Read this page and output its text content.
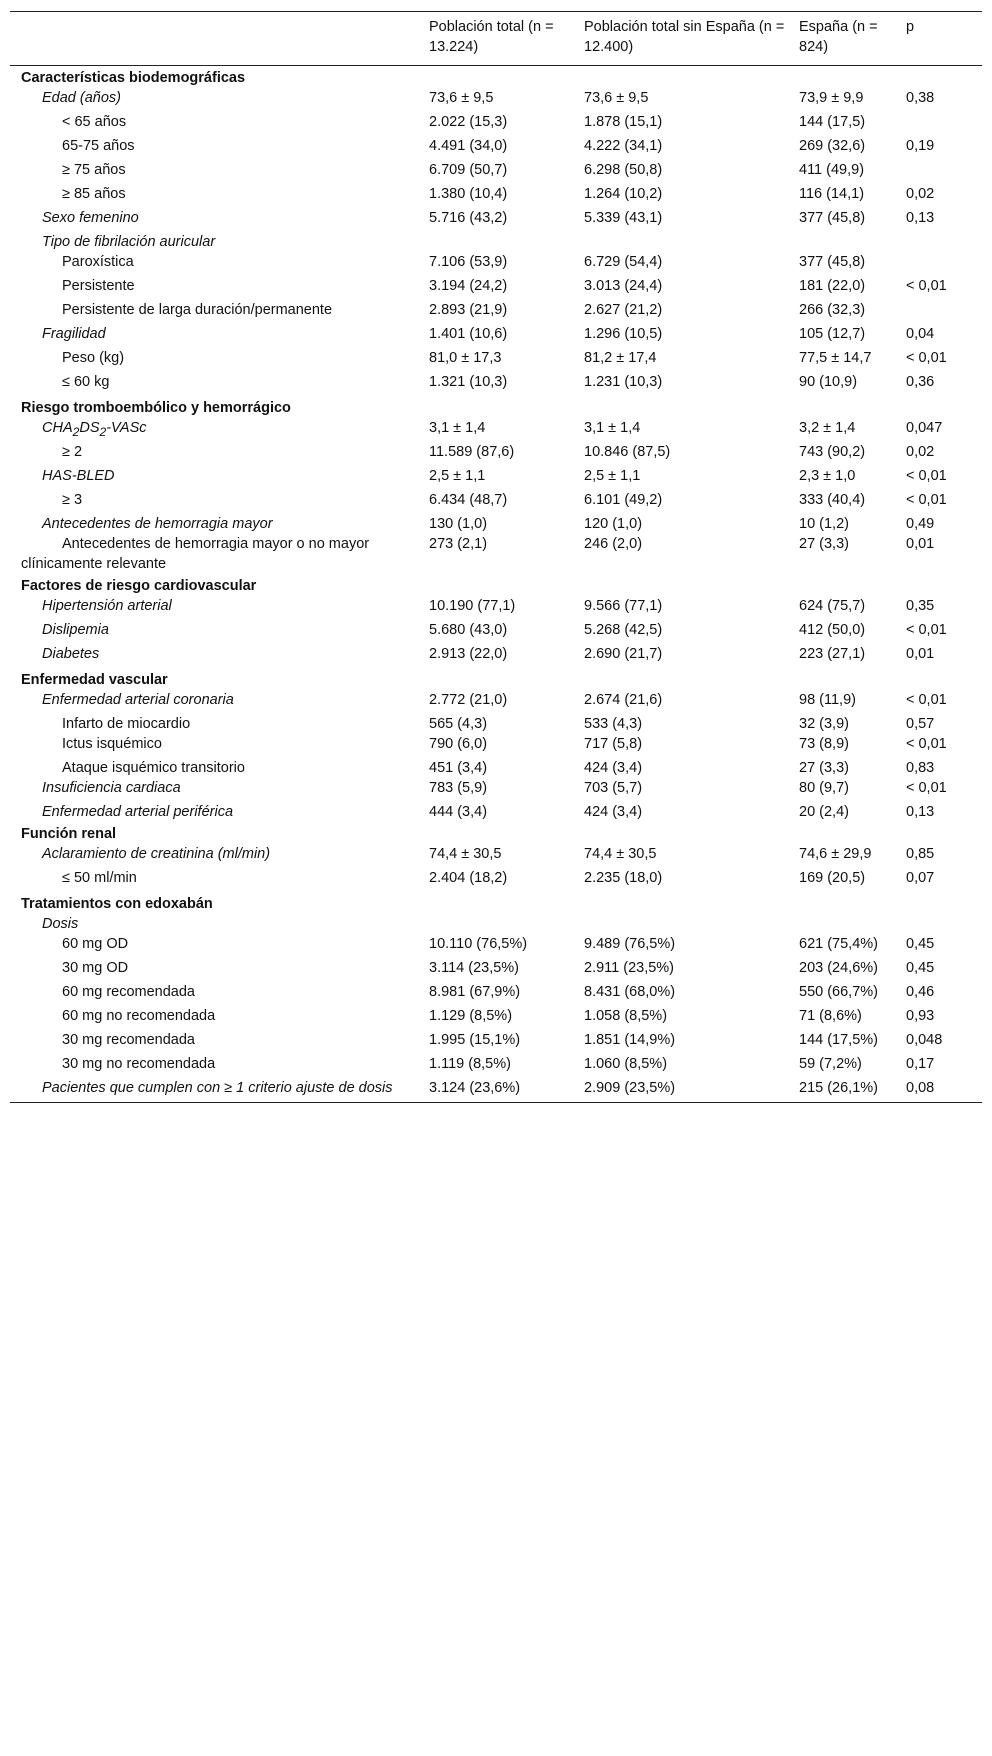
	Población total (n = 13.224)	Población total sin España (n = 12.400)	España (n = 824)	p
Características biodemográficas				
Edad (años)	73,6 ± 9,5	73,6 ± 9,5	73,9 ± 9,9	0,38
< 65 años	2.022 (15,3)	1.878 (15,1)	144 (17,5)	
65-75 años	4.491 (34,0)	4.222 (34,1)	269 (32,6)	0,19
≥ 75 años	6.709 (50,7)	6.298 (50,8)	411 (49,9)	
≥ 85 años	1.380 (10,4)	1.264 (10,2)	116 (14,1)	0,02
Sexo femenino	5.716 (43,2)	5.339 (43,1)	377 (45,8)	0,13
Tipo de fibrilación auricular				
Paroxística	7.106 (53,9)	6.729 (54,4)	377 (45,8)	
Persistente	3.194 (24,2)	3.013 (24,4)	181 (22,0)	< 0,01
Persistente de larga duración/permanente	2.893 (21,9)	2.627 (21,2)	266 (32,3)	
Fragilidad	1.401 (10,6)	1.296 (10,5)	105 (12,7)	0,04
Peso (kg)	81,0 ± 17,3	81,2 ± 17,4	77,5 ± 14,7	< 0,01
≤ 60 kg	1.321 (10,3)	1.231 (10,3)	90 (10,9)	0,36
Riesgo tromboembólico y hemorrágico				
$CHA_2DS_2$-VASc	3,1 ± 1,4	3,1 ± 1,4	3,2 ± 1,4	0,047
≥ 2	11.589 (87,6)	10.846 (87,5)	743 (90,2)	0,02
HAS-BLED	2,5 ± 1,1	2,5 ± 1,1	2,3 ± 1,0	< 0,01
≥ 3	6.434 (48,7)	6.101 (49,2)	333 (40,4)	< 0,01
Antecedentes de hemorragia mayor	130 (1,0)	120 (1,0)	10 (1,2)	0,49
Antecedentes de hemorragia mayor o no mayor clínicamente relevante	273 (2,1)	246 (2,0)	27 (3,3)	0,01
Factores de riesgo cardiovascular				
Hipertensión arterial	10.190 (77,1)	9.566 (77,1)	624 (75,7)	0,35
Dislipemia	5.680 (43,0)	5.268 (42,5)	412 (50,0)	< 0,01
Diabetes	2.913 (22,0)	2.690 (21,7)	223 (27,1)	0,01
Enfermedad vascular				
Enfermedad arterial coronaria	2.772 (21,0)	2.674 (21,6)	98 (11,9)	< 0,01
Infarto de miocardio	565 (4,3)	533 (4,3)	32 (3,9)	0,57
Ictus isquémico	790 (6,0)	717 (5,8)	73 (8,9)	< 0,01
Ataque isquémico transitorio	451 (3,4)	424 (3,4)	27 (3,3)	0,83
Insuficiencia cardiaca	783 (5,9)	703 (5,7)	80 (9,7)	< 0,01
Enfermedad arterial periférica	444 (3,4)	424 (3,4)	20 (2,4)	0,13
Función renal				
Aclaramiento de creatinina (ml/min)	74,4 ± 30,5	74,4 ± 30,5	74,6 ± 29,9	0,85
≤ 50 ml/min	2.404 (18,2)	2.235 (18,0)	169 (20,5)	0,07
Tratamientos con edoxabán				
Dosis				
60 mg OD	10.110 (76,5%)	9.489 (76,5%)	621 (75,4%)	0,45
30 mg OD	3.114 (23,5%)	2.911 (23,5%)	203 (24,6%)	0,45
60 mg recomendada	8.981 (67,9%)	8.431 (68,0%)	550 (66,7%)	0,46
60 mg no recomendada	1.129 (8,5%)	1.058 (8,5%)	71 (8,6%)	0,93
30 mg recomendada	1.995 (15,1%)	1.851 (14,9%)	144 (17,5%)	0,048
30 mg no recomendada	1.119 (8,5%)	1.060 (8,5%)	59 (7,2%)	0,17
Pacientes que cumplen con ≥ 1 criterio ajuste de dosis	3.124 (23,6%)	2.909 (23,5%)	215 (26,1%)	0,08
